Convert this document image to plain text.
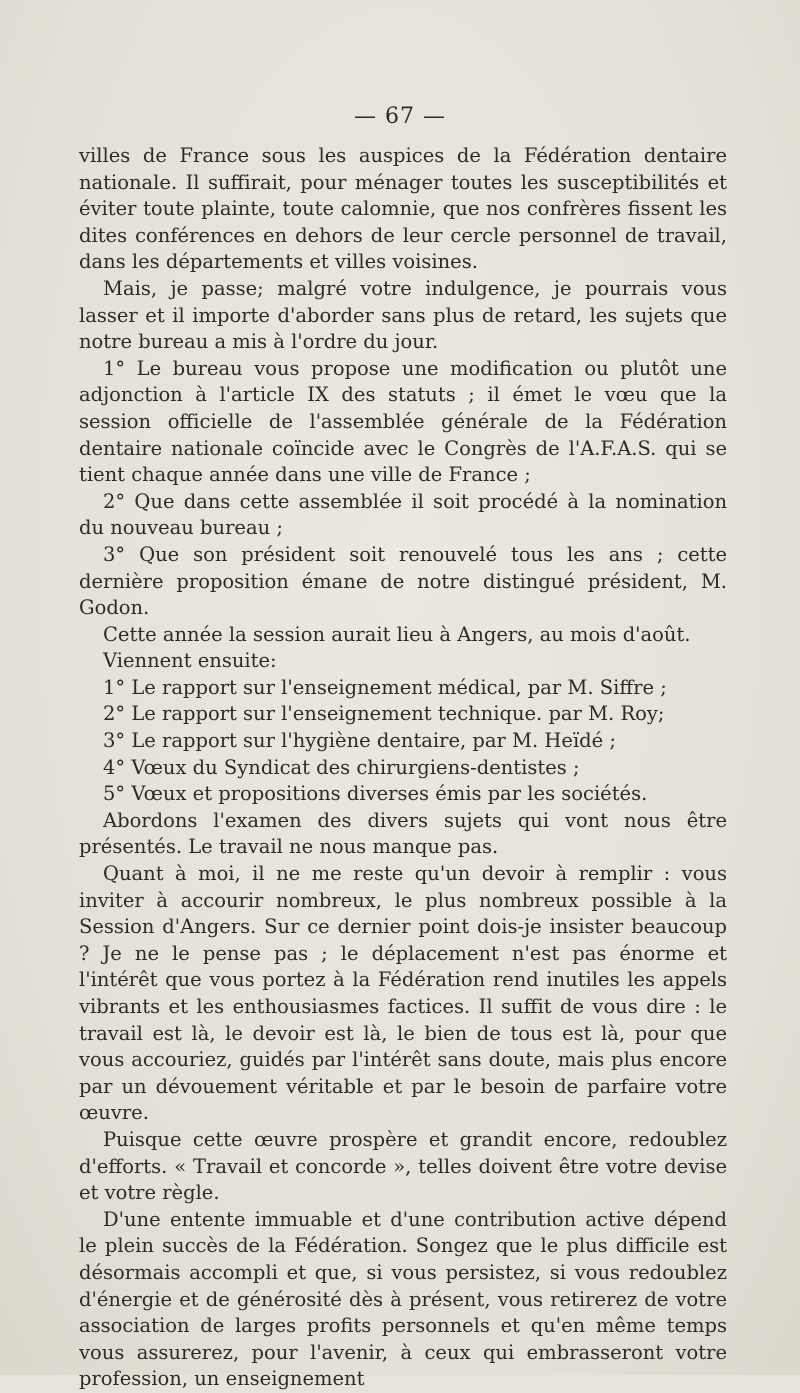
— 67 —

villes de France sous les auspices de la Fédération dentaire nationale. Il suffirait, pour ménager toutes les susceptibilités et éviter toute plainte, toute calomnie, que nos confrères fissent les dites conférences en dehors de leur cercle personnel de travail, dans les départements et villes voisines.

Mais, je passe; malgré votre indulgence, je pourrais vous lasser et il importe d'aborder sans plus de retard, les sujets que notre bureau a mis à l'ordre du jour.

1° Le bureau vous propose une modification ou plutôt une adjonction à l'article IX des statuts ; il émet le vœu que la session officielle de l'assemblée générale de la Fédération dentaire nationale coïncide avec le Congrès de l'A.F.A.S. qui se tient chaque année dans une ville de France ;

2° Que dans cette assemblée il soit procédé à la nomination du nouveau bureau ;

3° Que son président soit renouvelé tous les ans ; cette dernière proposition émane de notre distingué président, M. Godon.

Cette année la session aurait lieu à Angers, au mois d'août.

Viennent ensuite:

1° Le rapport sur l'enseignement médical, par M. Siffre ;

2° Le rapport sur l'enseignement technique. par M. Roy;

3° Le rapport sur l'hygiène dentaire, par M. Heïdé ;

4° Vœux du Syndicat des chirurgiens-dentistes ;

5° Vœux et propositions diverses émis par les sociétés.

Abordons l'examen des divers sujets qui vont nous être présentés. Le travail ne nous manque pas.

Quant à moi, il ne me reste qu'un devoir à remplir : vous inviter à accourir nombreux, le plus nombreux possible à la Session d'Angers. Sur ce dernier point dois-je insister beaucoup ? Je ne le pense pas ; le déplacement n'est pas énorme et l'intérêt que vous portez à la Fédération rend inutiles les appels vibrants et les enthousiasmes factices. Il suffit de vous dire : le travail est là, le devoir est là, le bien de tous est là, pour que vous accouriez, guidés par l'intérêt sans doute, mais plus encore par un dévouement véritable et par le besoin de parfaire votre œuvre.

Puisque cette œuvre prospère et grandit encore, redoublez d'efforts. « Travail et concorde », telles doivent être votre devise et votre règle.

D'une entente immuable et d'une contribution active dépend le plein succès de la Fédération. Songez que le plus difficile est désormais accompli et que, si vous persistez, si vous redoublez d'énergie et de générosité dès à présent, vous retirerez de votre association de larges profits personnels et qu'en même temps vous assurerez, pour l'avenir, à ceux qui embrasseront votre profession, un enseignement
